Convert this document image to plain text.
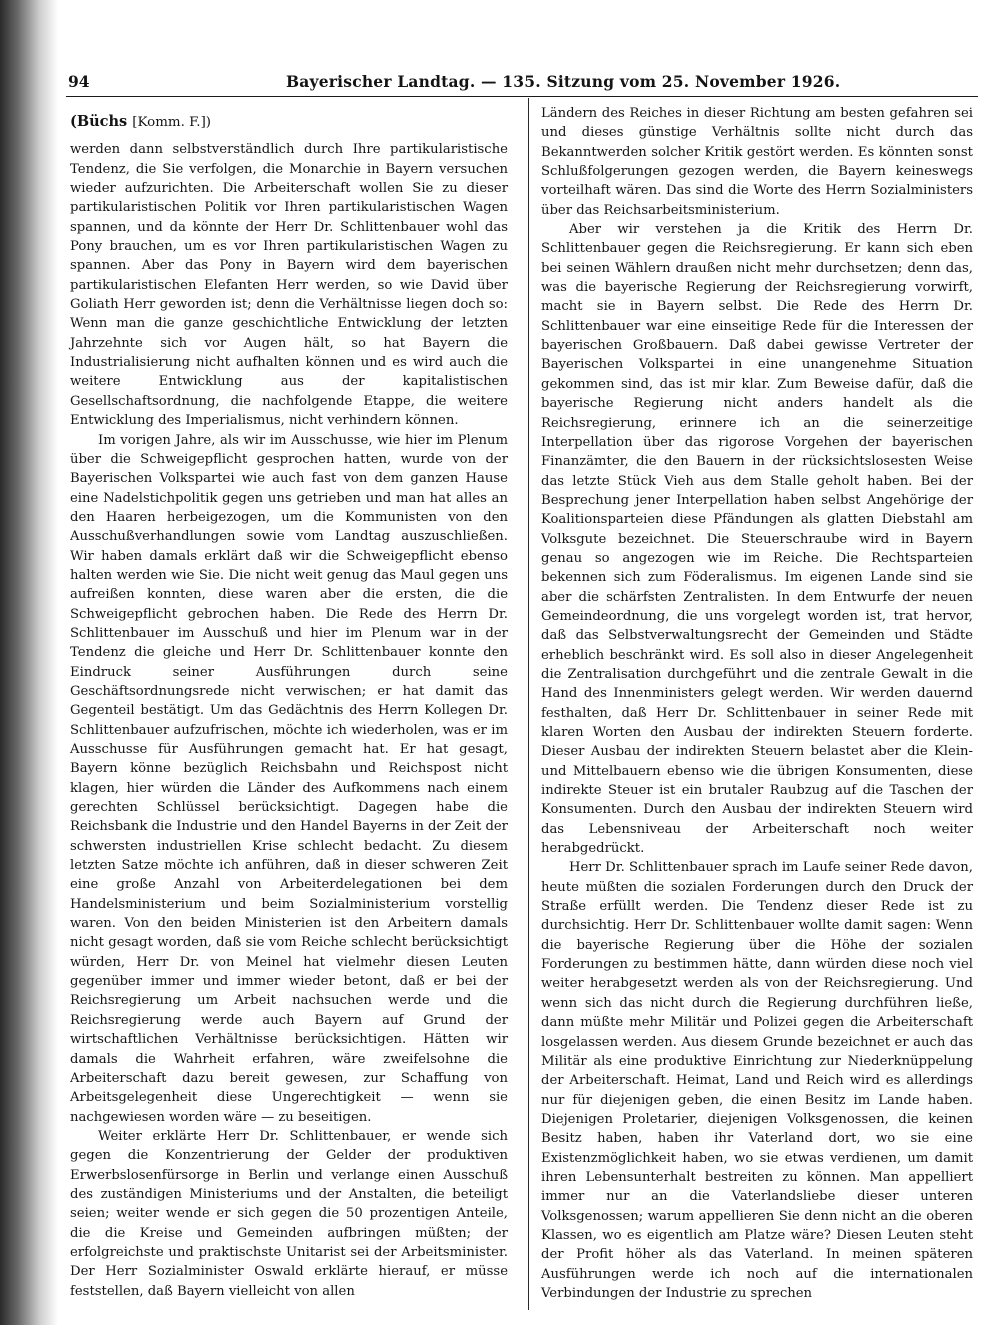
94	Bayerischer Landtag. — 135. Sitzung vom 25. November 1926.
(Büchs [Komm. F.])

werden dann selbstverständlich durch Ihre partikularistische Tendenz, die Sie verfolgen, die Monarchie in Bayern versuchen wieder aufzurichten. Die Arbeiterschaft wollen Sie zu dieser partikularistischen Politik vor Ihren partikularistischen Wagen spannen, und da könnte der Herr Dr. Schlittenbauer wohl das Pony brauchen, um es vor Ihren partikularistischen Wagen zu spannen. Aber das Pony in Bayern wird dem bayerischen partikularistischen Elefanten Herr werden, so wie David über Goliath Herr geworden ist; denn die Verhältnisse liegen doch so: Wenn man die ganze geschichtliche Entwicklung der letzten Jahrzehnte sich vor Augen hält, so hat Bayern die Industrialisierung nicht aufhalten können und es wird auch die weitere Entwicklung aus der kapitalistischen Gesellschaftsordnung, die nachfolgende Etappe, die weitere Entwicklung des Imperialismus, nicht verhindern können.

Im vorigen Jahre, als wir im Ausschusse, wie hier im Plenum über die Schweigepflicht gesprochen hatten, wurde von der Bayerischen Volkspartei wie auch fast von dem ganzen Hause eine Nadelstichpolitik gegen uns getrieben und man hat alles an den Haaren herbeigezogen, um die Kommunisten von den Ausschußverhandlungen sowie vom Landtag auszuschließen. Wir haben damals erklärt daß wir die Schweigepflicht ebenso halten werden wie Sie. Die nicht weit genug das Maul gegen uns aufreißen konnten, diese waren aber die ersten, die die Schweigepflicht gebrochen haben. Die Rede des Herrn Dr. Schlittenbauer im Ausschuß und hier im Plenum war in der Tendenz die gleiche und Herr Dr. Schlittenbauer konnte den Eindruck seiner Ausführungen durch seine Geschäftsordnungsrede nicht verwischen; er hat damit das Gegenteil bestätigt. Um das Gedächtnis des Herrn Kollegen Dr. Schlittenbauer aufzufrischen, möchte ich wiederholen, was er im Ausschusse für Ausführungen gemacht hat. Er hat gesagt, Bayern könne bezüglich Reichsbahn und Reichspost nicht klagen, hier würden die Länder des Aufkommens nach einem gerechten Schlüssel berücksichtigt. Dagegen habe die Reichsbank die Industrie und den Handel Bayerns in der Zeit der schwersten industriellen Krise schlecht bedacht. Zu diesem letzten Satze möchte ich anführen, daß in dieser schweren Zeit eine große Anzahl von Arbeiterdelegationen bei dem Handelsministerium und beim Sozialministerium vorstellig waren. Von den beiden Ministerien ist den Arbeitern damals nicht gesagt worden, daß sie vom Reiche schlecht berücksichtigt würden, Herr Dr. von Meinel hat vielmehr diesen Leuten gegenüber immer und immer wieder betont, daß er bei der Reichsregierung um Arbeit nachsuchen werde und die Reichsregierung werde auch Bayern auf Grund der wirtschaftlichen Verhältnisse berücksichtigen. Hätten wir damals die Wahrheit erfahren, wäre zweifelsohne die Arbeiterschaft dazu bereit gewesen, zur Schaffung von Arbeitsgelegenheit diese Ungerechtigkeit — wenn sie nachgewiesen worden wäre — zu beseitigen.

Weiter erklärte Herr Dr. Schlittenbauer, er wende sich gegen die Konzentrierung der Gelder der produktiven Erwerbslosenfürsorge in Berlin und verlange einen Ausschuß des zuständigen Ministeriums und der Anstalten, die beteiligt seien; weiter wende er sich gegen die 50 prozentigen Anteile, die die Kreise und Gemeinden aufbringen müßten; der erfolgreichste und praktischste Unitarist sei der Arbeitsminister. Der Herr Sozialminister Oswald erklärte hierauf, er müsse feststellen, daß Bayern vielleicht von allen

Ländern des Reiches in dieser Richtung am besten gefahren sei und dieses günstige Verhältnis sollte nicht durch das Bekanntwerden solcher Kritik gestört werden. Es könnten sonst Schlußfolgerungen gezogen werden, die Bayern keineswegs vorteilhaft wären. Das sind die Worte des Herrn Sozialministers über das Reichsarbeitsministerium.

Aber wir verstehen ja die Kritik des Herrn Dr. Schlittenbauer gegen die Reichsregierung. Er kann sich eben bei seinen Wählern draußen nicht mehr durchsetzen; denn das, was die bayerische Regierung der Reichsregierung vorwirft, macht sie in Bayern selbst. Die Rede des Herrn Dr. Schlittenbauer war eine einseitige Rede für die Interessen der bayerischen Großbauern. Daß dabei gewisse Vertreter der Bayerischen Volkspartei in eine unangenehme Situation gekommen sind, das ist mir klar. Zum Beweise dafür, daß die bayerische Regierung nicht anders handelt als die Reichsregierung, erinnere ich an die seinerzeitige Interpellation über das rigorose Vorgehen der bayerischen Finanzämter, die den Bauern in der rücksichtslosesten Weise das letzte Stück Vieh aus dem Stalle geholt haben. Bei der Besprechung jener Interpellation haben selbst Angehörige der Koalitionsparteien diese Pfändungen als glatten Diebstahl am Volksgute bezeichnet. Die Steuerschraube wird in Bayern genau so angezogen wie im Reiche. Die Rechtsparteien bekennen sich zum Föderalismus. Im eigenen Lande sind sie aber die schärfsten Zentralisten. In dem Entwurfe der neuen Gemeindeordnung, die uns vorgelegt worden ist, trat hervor, daß das Selbstverwaltungsrecht der Gemeinden und Städte erheblich beschränkt wird. Es soll also in dieser Angelegenheit die Zentralisation durchgeführt und die zentrale Gewalt in die Hand des Innenministers gelegt werden. Wir werden dauernd festhalten, daß Herr Dr. Schlittenbauer in seiner Rede mit klaren Worten den Ausbau der indirekten Steuern forderte. Dieser Ausbau der indirekten Steuern belastet aber die Klein- und Mittelbauern ebenso wie die übrigen Konsumenten, diese indirekte Steuer ist ein brutaler Raubzug auf die Taschen der Konsumenten. Durch den Ausbau der indirekten Steuern wird das Lebensniveau der Arbeiterschaft noch weiter herabgedrückt.

Herr Dr. Schlittenbauer sprach im Laufe seiner Rede davon, heute müßten die sozialen Forderungen durch den Druck der Straße erfüllt werden. Die Tendenz dieser Rede ist zu durchsichtig. Herr Dr. Schlittenbauer wollte damit sagen: Wenn die bayerische Regierung über die Höhe der sozialen Forderungen zu bestimmen hätte, dann würden diese noch viel weiter herabgesetzt werden als von der Reichsregierung. Und wenn sich das nicht durch die Regierung durchführen ließe, dann müßte mehr Militär und Polizei gegen die Arbeiterschaft losgelassen werden. Aus diesem Grunde bezeichnet er auch das Militär als eine produktive Einrichtung zur Niederknüppelung der Arbeiterschaft. Heimat, Land und Reich wird es allerdings nur für diejenigen geben, die einen Besitz im Lande haben. Diejenigen Proletarier, diejenigen Volksgenossen, die keinen Besitz haben, haben ihr Vaterland dort, wo sie eine Existenzmöglichkeit haben, wo sie etwas verdienen, um damit ihren Lebensunterhalt bestreiten zu können. Man appelliert immer nur an die Vaterlandsliebe dieser unteren Volksgenossen; warum appellieren Sie denn nicht an die oberen Klassen, wo es eigentlich am Platze wäre? Diesen Leuten steht der Profit höher als das Vaterland. In meinen späteren Ausführungen werde ich noch auf die internationalen Verbindungen der Industrie zu sprechen
